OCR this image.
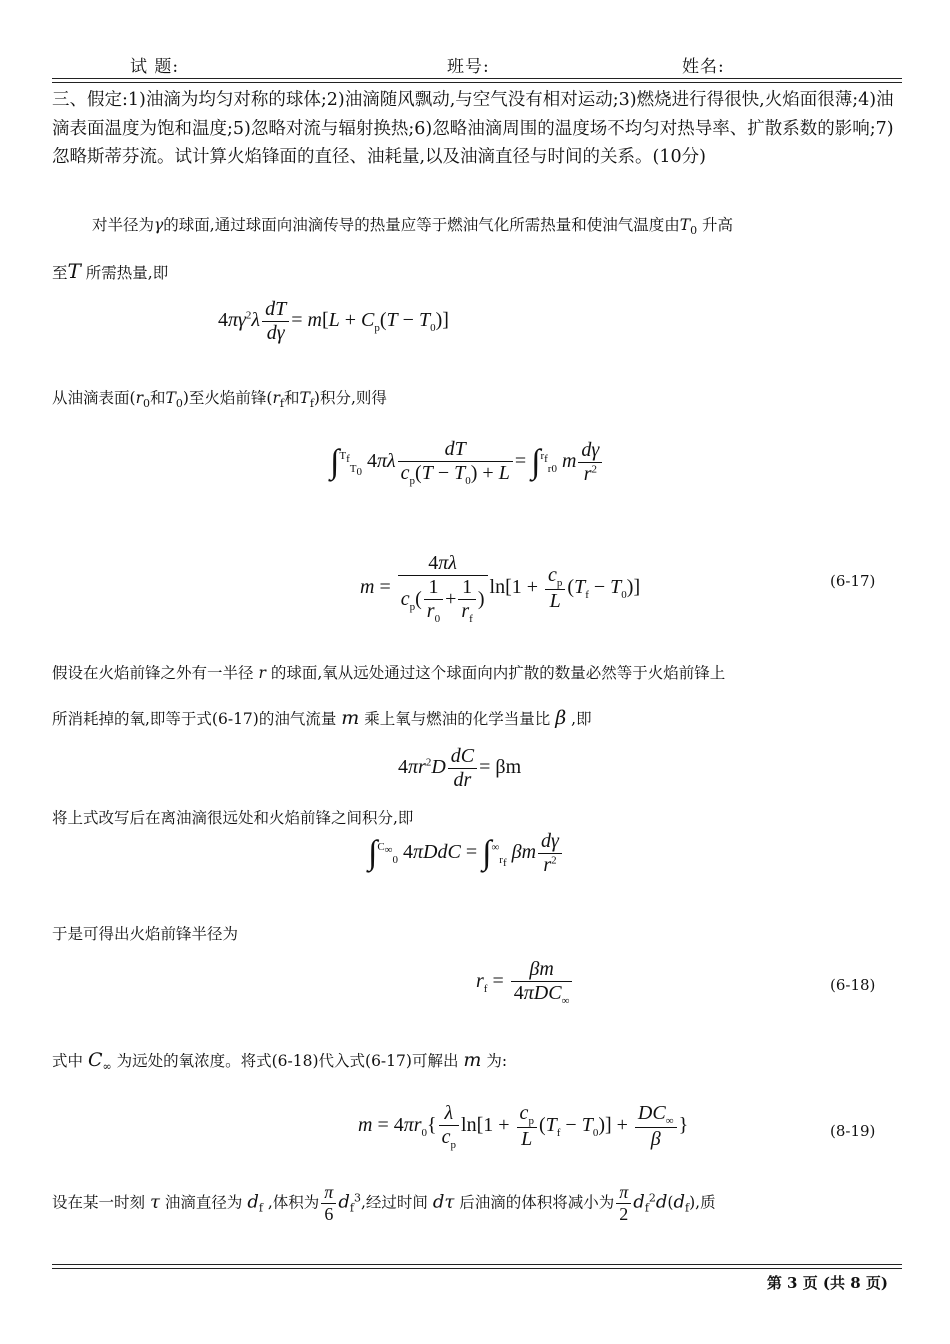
试 题:	班号:	姓名:
三、假定:1)油滴为均匀对称的球体;2)油滴随风飘动,与空气没有相对运动;3)燃烧进行得很快,火焰面很薄;4)油滴表面温度为饱和温度;5)忽略对流与辐射换热;6)忽略油滴周围的温度场不均匀对热导率、扩散系数的影响;7)忽略斯蒂芬流。试计算火焰锋面的直径、油耗量,以及油滴直径与时间的关系。(10分)
对半径为γ的球面,通过球面向油滴传导的热量应等于燃油气化所需热量和使油气温度由$T_0$ 升高
至T 所需热量,即
$4\pi\gamma^2\lambda \frac{dT}{d\gamma} = m[L + C_p(T - T_0)]$
从油滴表面($r_0$和$T_0$)至火焰前锋($r_f$和$T_f$)积分,则得
∫$^{T_f}_{T_0}$ $4\pi\lambda \frac{dT}{c_p(T - T_0) + L} = \int^{r_f}_{r0}$ m $\frac{d\gamma}{r^2}$
$m = \frac{4\pi\lambda}{c_p( \frac{1}{r_0} + \frac{1}{r_f} )} \ln[1 + \frac{c_p}{L} (T_f - T_0)]$	(6-17)
假设在火焰前锋之外有一半径 r 的球面,氧从远处通过这个球面向内扩散的数量必然等于火焰前锋上
所消耗掉的氧,即等于式(6-17)的油气流量 m 乘上氧与燃油的化学当量比 β ,即
$4\pi r^2D \frac{dC}{dr} = \beta m$
将上式改写后在离油滴很远处和火焰前锋之间积分,即
∫$^{C_\infty}_0$ $4\pi DdC = \int^\infty_{r_f}$ βm $\frac{d\gamma}{r^2}$
于是可得出火焰前锋半径为
$r_f = \frac{\beta m}{4\pi DC_\infty}$	(6-18)
式中 $C_\infty$ 为远处的氧浓度。将式(6-18)代入式(6-17)可解出 m 为:
$m = 4\pi r_0\{ \frac{\lambda}{c_p} \ln[1 + \frac{c_p}{L} (T_f - T_0)] + \frac{DC_\infty}{\beta}$ }	(8-19)
设在某一时刻 τ 油滴直径为 $d_f$ ,体积为 $\frac{\pi}{6} d_f^3$,经过时间 dτ 后油滴的体积将减小为 $\frac{\pi}{2} d_f^2d(d_f)$,质
第 3 页 (共 8 页)
